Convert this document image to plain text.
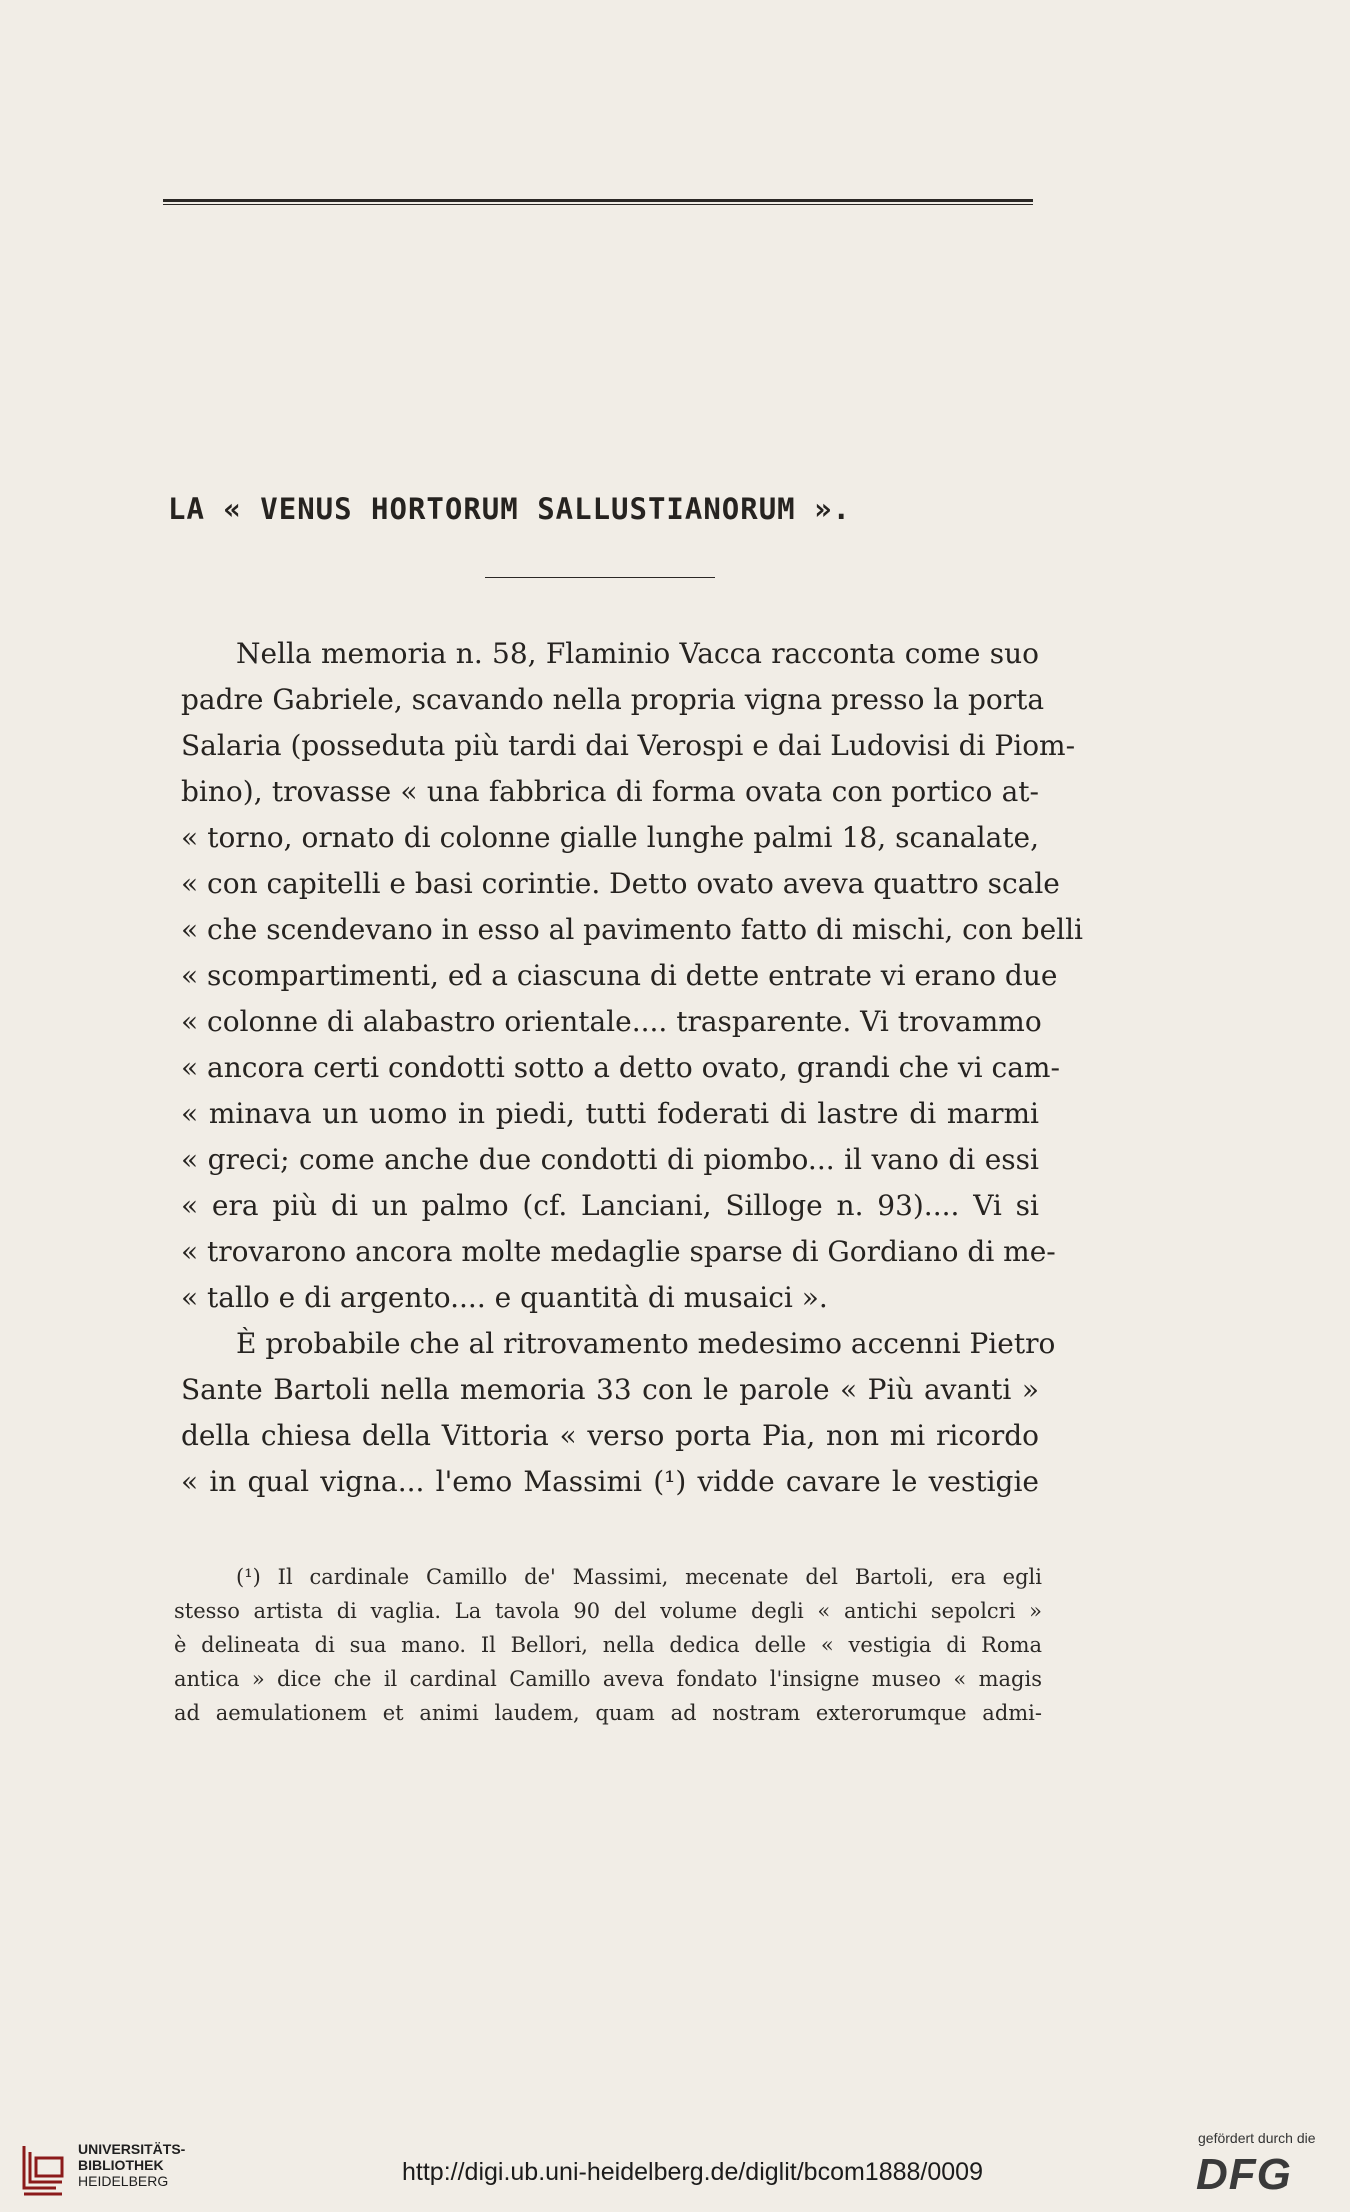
LA « VENUS HORTORUM SALLUSTIANORUM ».
Nella memoria n. 58, Flaminio Vacca racconta come suo
padre Gabriele, scavando nella propria vigna presso la porta
Salaria (posseduta più tardi dai Verospi e dai Ludovisi di Piom-
bino), trovasse « una fabbrica di forma ovata con portico at-
« torno, ornato di colonne gialle lunghe palmi 18, scanalate,
« con capitelli e basi corintie. Detto ovato aveva quattro scale
« che scendevano in esso al pavimento fatto di mischi, con belli
« scompartimenti, ed a ciascuna di dette entrate vi erano due
« colonne di alabastro orientale.... trasparente. Vi trovammo
« ancora certi condotti sotto a detto ovato, grandi che vi cam-
« minava un uomo in piedi, tutti foderati di lastre di marmi
« greci; come anche due condotti di piombo... il vano di essi
« era più di un palmo (cf. Lanciani, Silloge n. 93).... Vi si
« trovarono ancora molte medaglie sparse di Gordiano di me-
« tallo e di argento.... e quantità di musaici ».
È probabile che al ritrovamento medesimo accenni Pietro
Sante Bartoli nella memoria 33 con le parole « Più avanti »
della chiesa della Vittoria « verso porta Pia, non mi ricordo
« in qual vigna... l'emo Massimi (¹) vidde cavare le vestigie
(¹) Il cardinale Camillo de' Massimi, mecenate del Bartoli, era egli
stesso artista di vaglia. La tavola 90 del volume degli « antichi sepolcri »
è delineata di sua mano. Il Bellori, nella dedica delle « vestigia di Roma
antica » dice che il cardinal Camillo aveva fondato l'insigne museo « magis
ad aemulationem et animi laudem, quam ad nostram exterorumque admi-
UNIVERSITÄTS-
BIBLIOTHEK
HEIDELBERG	http://digi.ub.uni-heidelberg.de/diglit/bcom1888/0009
gefördert durch die
DFG
